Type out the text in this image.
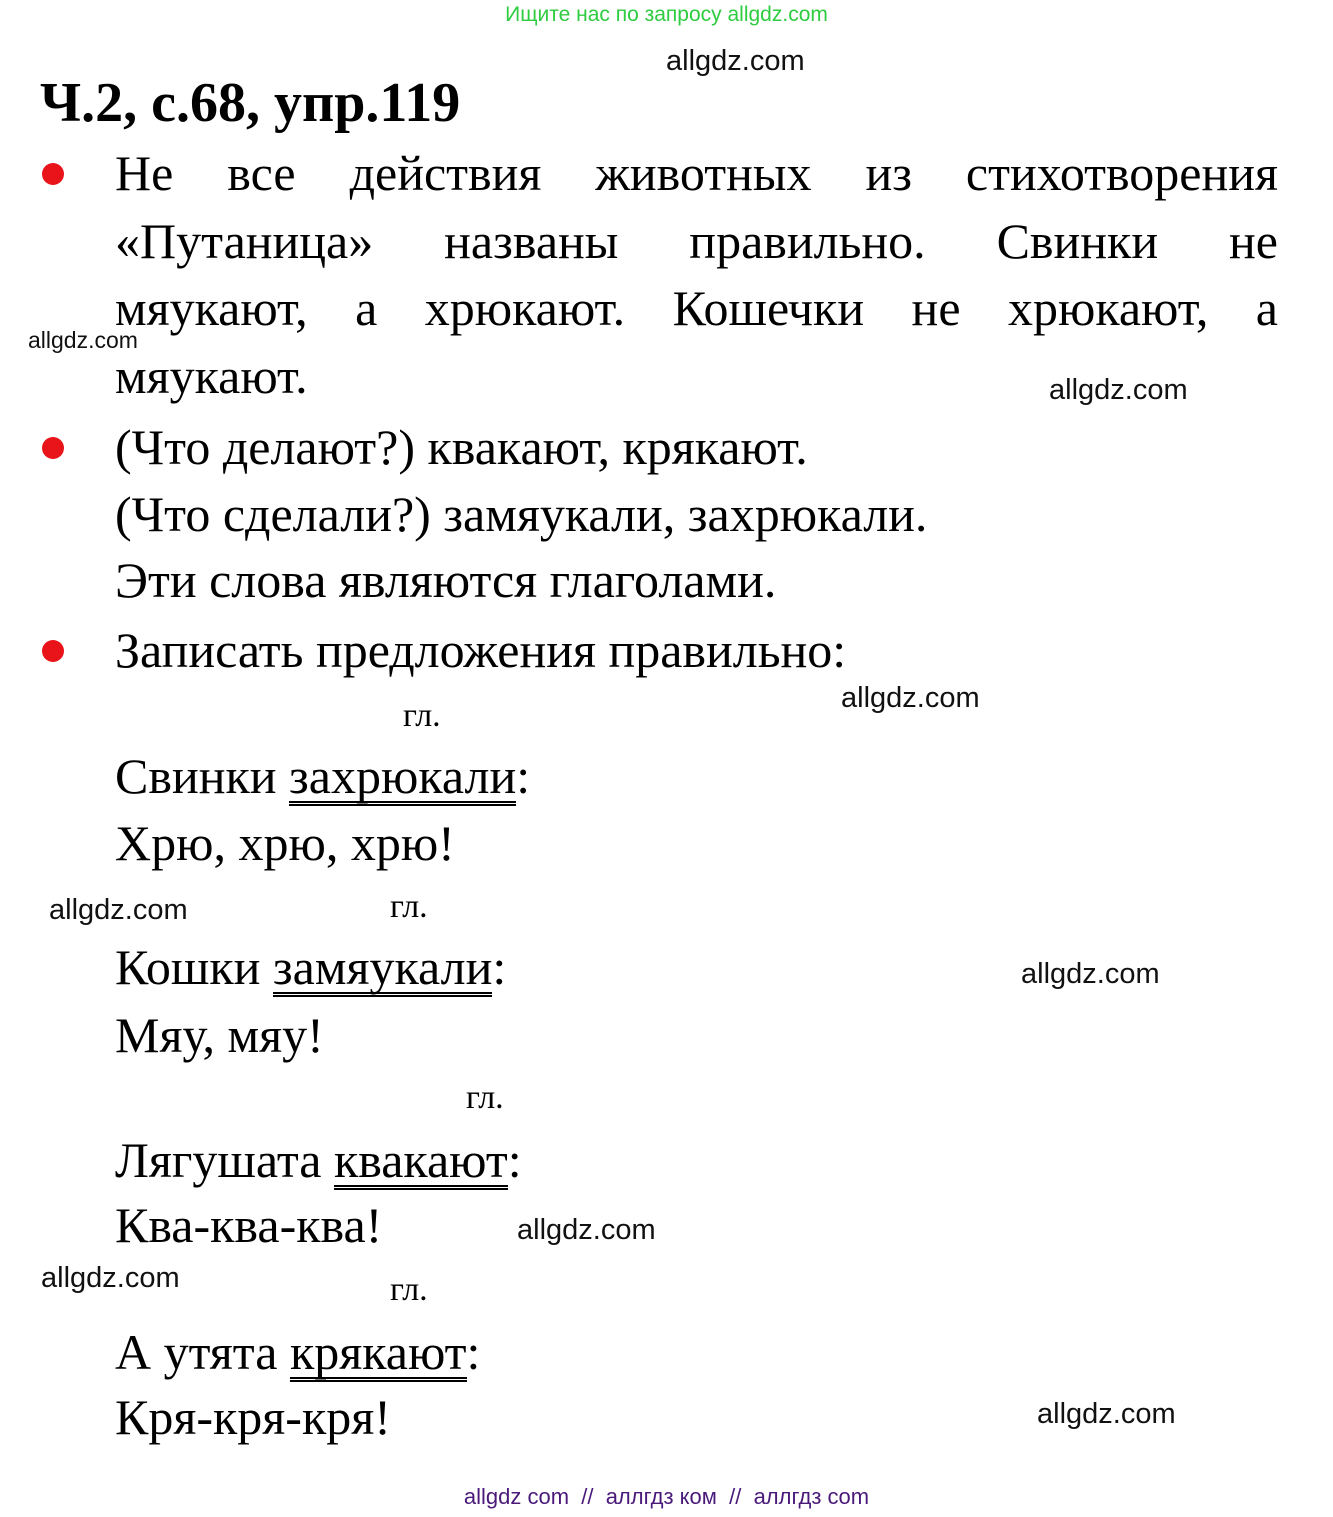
Ищите нас по запросу allgdz.com
allgdz.com
allgdz.com
allgdz.com
allgdz.com
allgdz.com
allgdz.com
allgdz.com
allgdz.com
allgdz.com
Ч.2, с.68, упр.119
Не все действия животных из стихотворения
«Путаница» названы правильно. Свинки не
мяукают, а хрюкают. Кошечки не хрюкают, а
мяукают.
(Что делают?) квакают, крякают.
(Что сделали?) замяукали, захрюкали.
Эти слова являются глаголами.
Записать предложения правильно:
гл.
Свинки захрюкали:
Хрю, хрю, хрю!
гл.
Кошки замяукали:
Мяу, мяу!
гл.
Лягушата квакают:
Ква-ква-ква!
гл.
А утята крякают:
Кря-кря-кря!
allgdz com  //  аллгдз ком  //  аллгдз com
